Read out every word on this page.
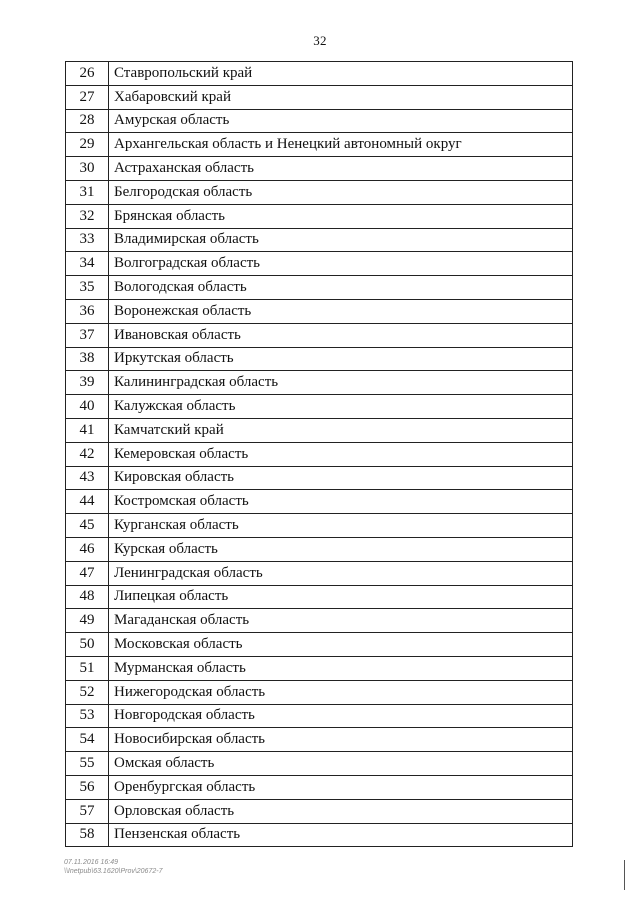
32
26	Ставропольский край
27	Хабаровский край
28	Амурская область
29	Архангельская область и Ненецкий автономный округ
30	Астраханская область
31	Белгородская область
32	Брянская область
33	Владимирская область
34	Волгоградская область
35	Вологодская область
36	Воронежская область
37	Ивановская область
38	Иркутская область
39	Калининградская область
40	Калужская область
41	Камчатский край
42	Кемеровская область
43	Кировская область
44	Костромская область
45	Курганская область
46	Курская область
47	Ленинградская область
48	Липецкая область
49	Магаданская область
50	Московская область
51	Мурманская область
52	Нижегородская область
53	Новгородская область
54	Новосибирская область
55	Омская область
56	Оренбургская область
57	Орловская область
58	Пензенская область
07.11.2016 16:49
\\Inetpub\63.1620\Prov\20672-7
